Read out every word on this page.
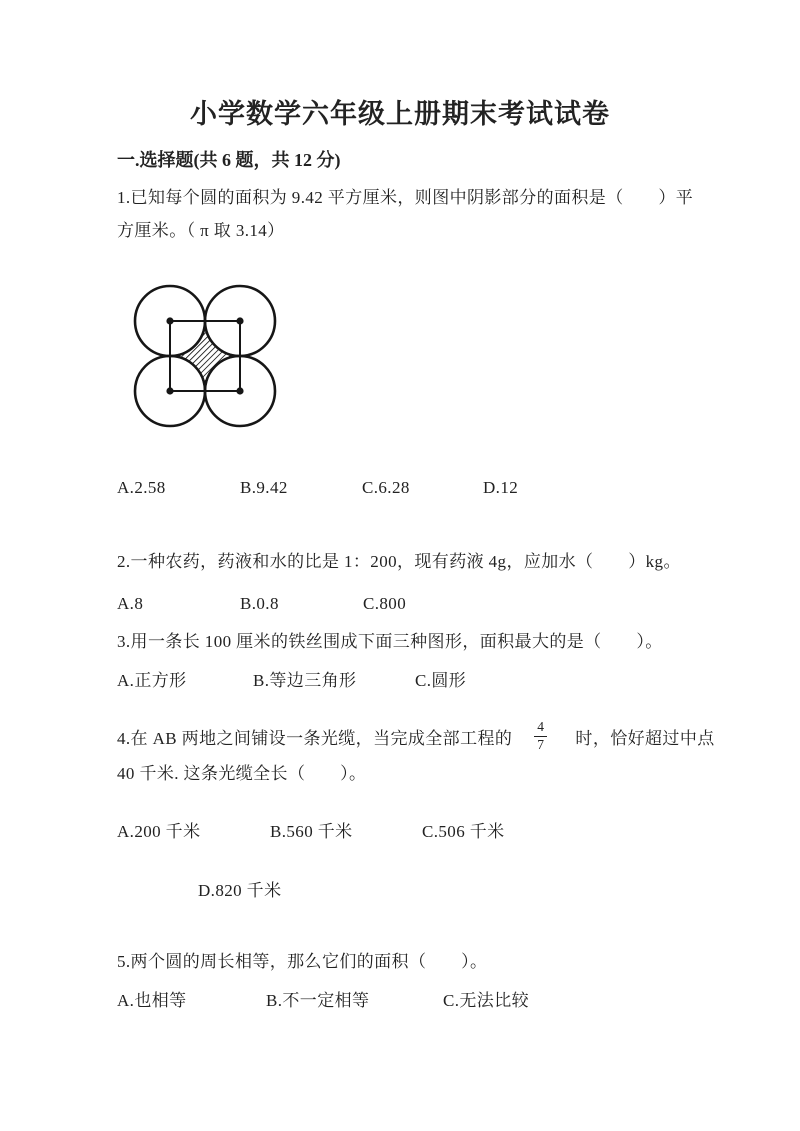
小学数学六年级上册期末考试试卷
一.选择题(共 6 题，共 12 分)
1.已知每个圆的面积为 9.42 平方厘米，则图中阴影部分的面积是（　　）平
方厘米。（ π 取 3.14）
A.2.58	B.9.42	C.6.28	D.12
2.一种农药，药液和水的比是 1：200，现有药液 4g，应加水（　　）kg。
A.8	B.0.8	C.800
3.用一条长 100 厘米的铁丝围成下面三种图形，面积最大的是（　　）。
A.正方形	B.等边三角形	C.圆形
4.在 AB 两地之间铺设一条光缆，当完成全部工程的 $\frac{4}{7}$ 时，恰好超过中点
40 千米. 这条光缆全长（　　）。
A.200 千米	B.560 千米	C.506 千米
D.820 千米
5.两个圆的周长相等，那么它们的面积（　　）。
A.也相等	B.不一定相等	C.无法比较
